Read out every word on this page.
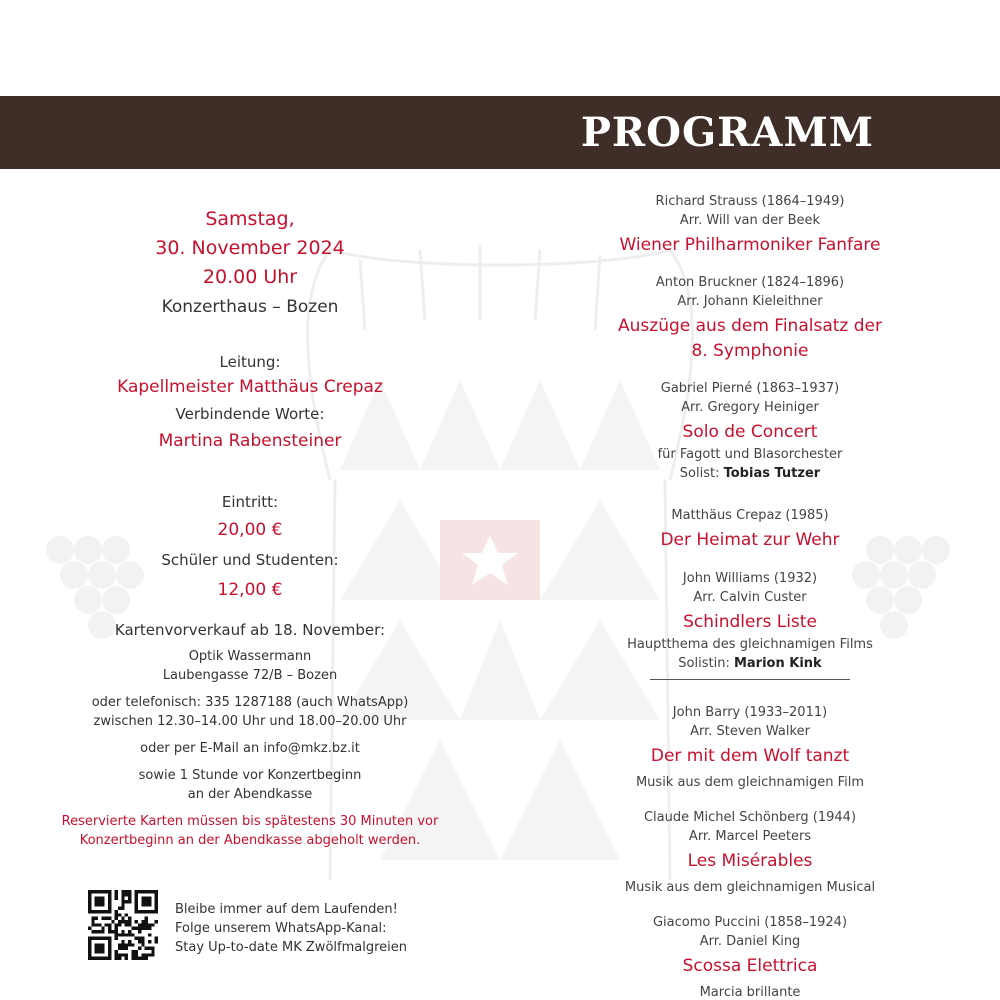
PROGRAMM
Samstag,
30. November 2024
20.00 Uhr
Konzerthaus – Bozen
Leitung:
Kapellmeister Matthäus Crepaz
Verbindende Worte:
Martina Rabensteiner
Eintritt:
20,00 €
Schüler und Studenten:
12,00 €
Kartenvorverkauf ab 18. November:
Optik Wassermann
Laubengasse 72/B – Bozen
oder telefonisch: 335 1287188 (auch WhatsApp)
zwischen 12.30–14.00 Uhr und 18.00–20.00 Uhr
oder per E-Mail an info@mkz.bz.it
sowie 1 Stunde vor Konzertbeginn
an der Abendkasse
Reservierte Karten müssen bis spätestens 30 Minuten vor
Konzertbeginn an der Abendkasse abgeholt werden.
Bleibe immer auf dem Laufenden!
Folge unserem WhatsApp-Kanal:
Stay Up-to-date MK Zwölfmalgreien
Richard Strauss (1864–1949)
Arr. Will van der Beek
Wiener Philharmoniker Fanfare
Anton Bruckner (1824–1896)
Arr. Johann Kieleithner
Auszüge aus dem Finalsatz der
8. Symphonie
Gabriel Pierné (1863–1937)
Arr. Gregory Heiniger
Solo de Concert
für Fagott und Blasorchester
Solist: Tobias Tutzer
Matthäus Crepaz (1985)
Der Heimat zur Wehr
John Williams (1932)
Arr. Calvin Custer
Schindlers Liste
Hauptthema des gleichnamigen Films
Solistin: Marion Kink
John Barry (1933–2011)
Arr. Steven Walker
Der mit dem Wolf tanzt
Musik aus dem gleichnamigen Film
Claude Michel Schönberg (1944)
Arr. Marcel Peeters
Les Misérables
Musik aus dem gleichnamigen Musical
Giacomo Puccini (1858–1924)
Arr. Daniel King
Scossa Elettrica
Marcia brillante
